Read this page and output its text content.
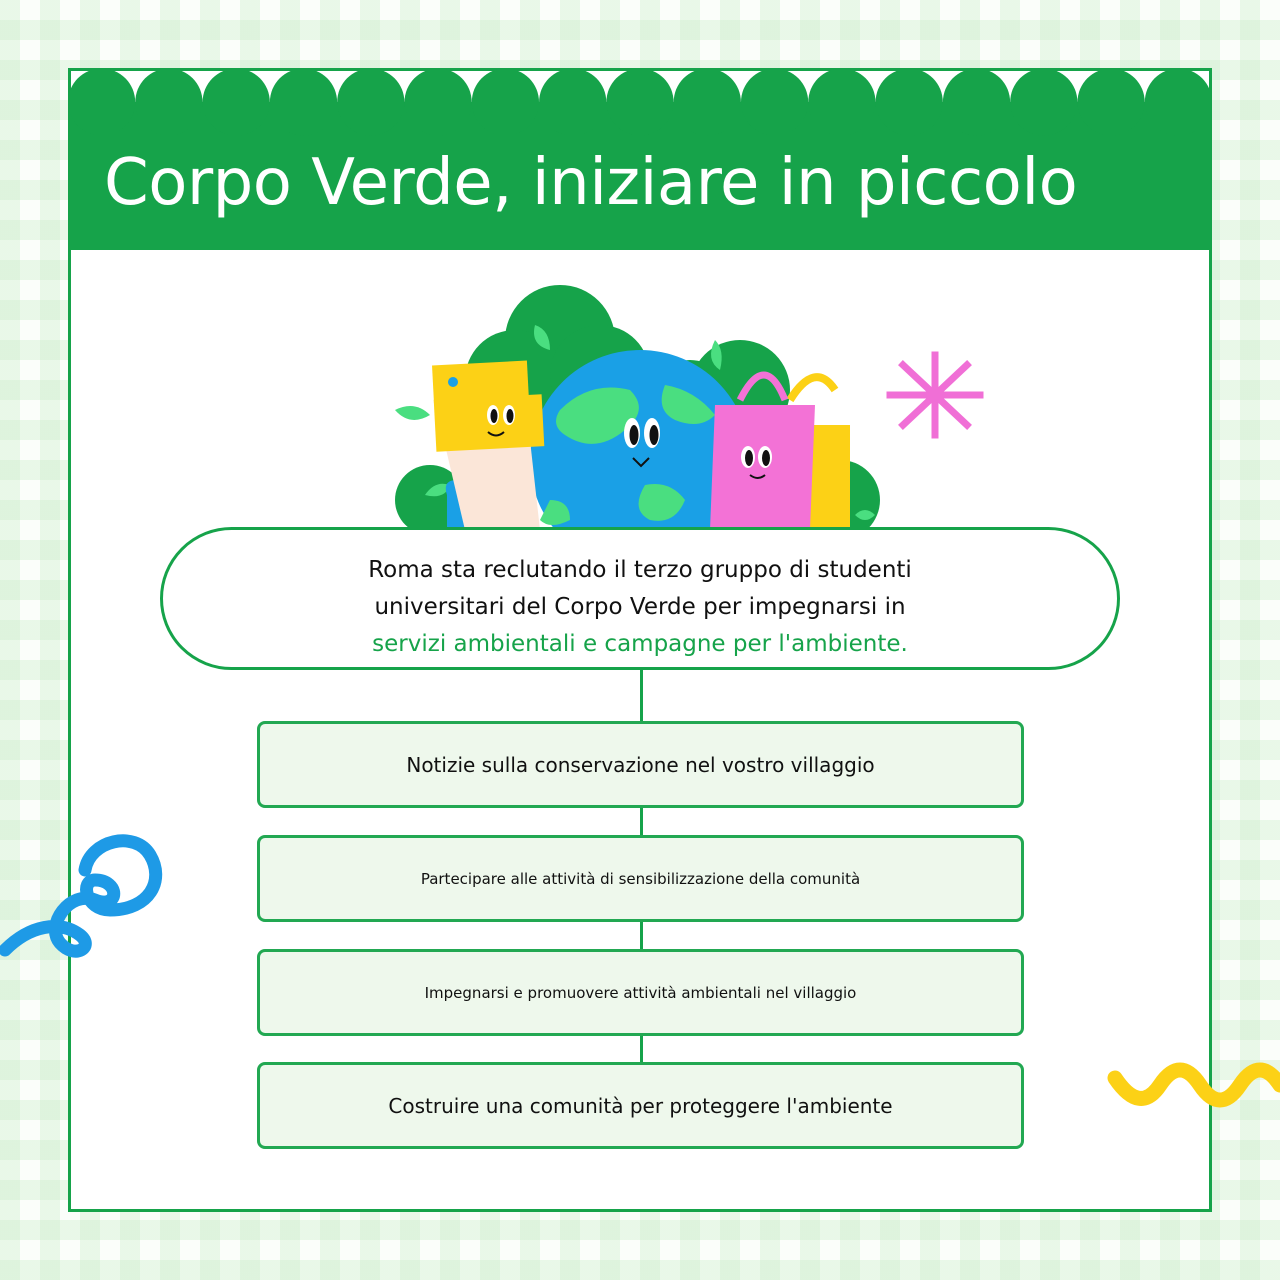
Corpo Verde, iniziare in piccolo
Roma sta reclutando il terzo gruppo di studenti
universitari del Corpo Verde per impegnarsi in
servizi ambientali e campagne per l'ambiente.
Notizie sulla conservazione nel vostro villaggio
Partecipare alle attività di sensibilizzazione della comunità
Impegnarsi e promuovere attività ambientali nel villaggio
Costruire una comunità per proteggere l'ambiente
